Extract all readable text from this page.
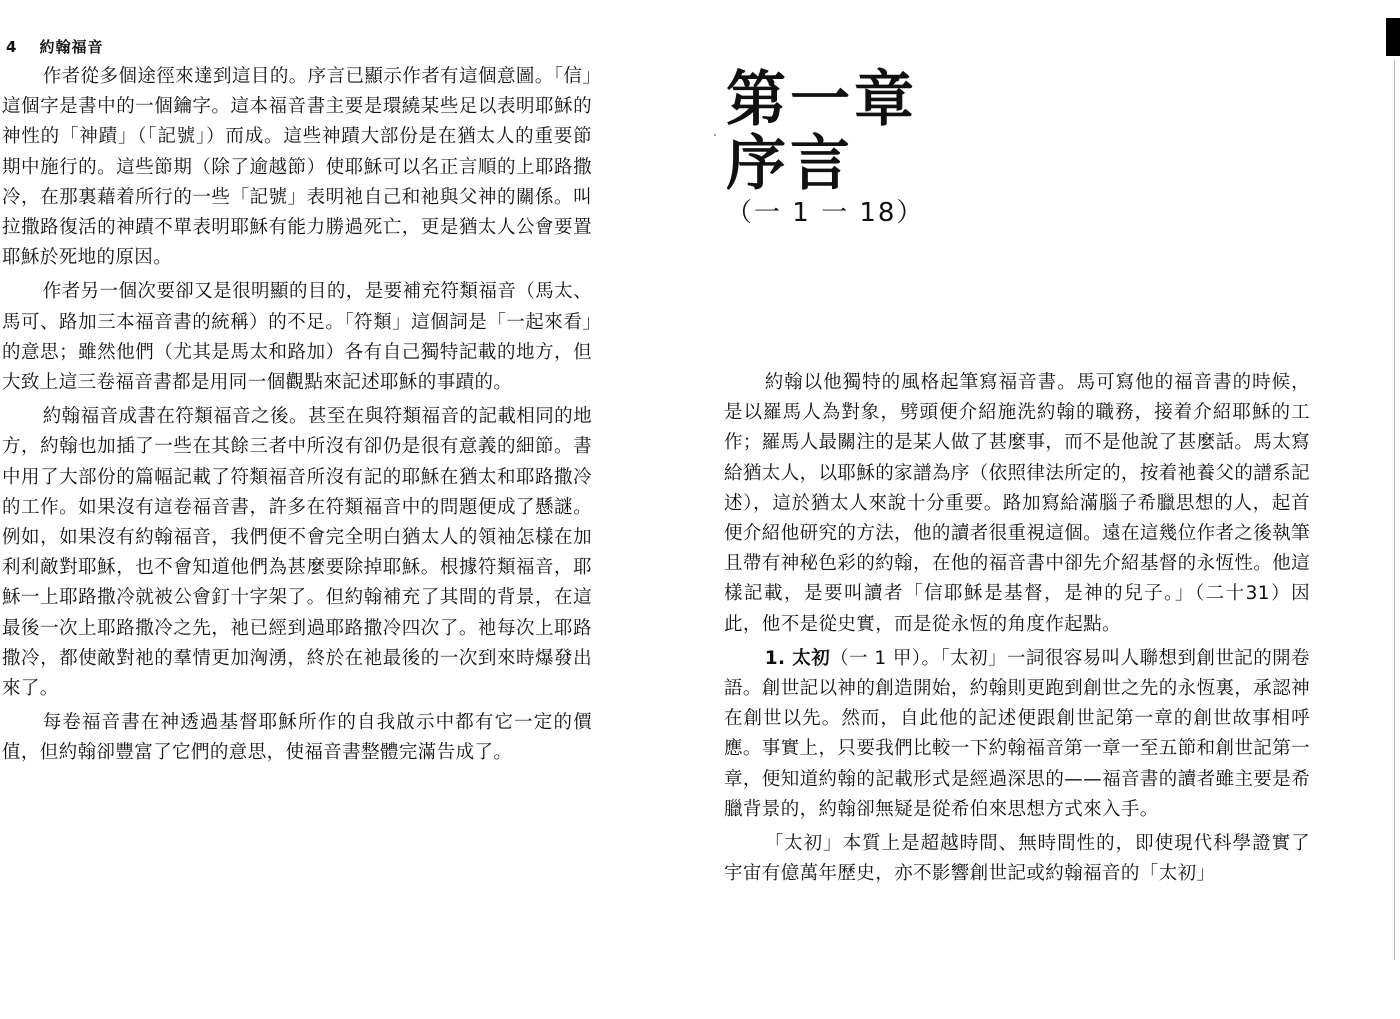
4 約翰福音

作者從多個途徑來達到這目的。序言已顯示作者有這個意圖。「信」這個字是書中的一個鑰字。這本福音書主要是環繞某些足以表明耶穌的神性的「神蹟」（「記號」）而成。這些神蹟大部份是在猶太人的重要節期中施行的。這些節期（除了逾越節）使耶穌可以名正言順的上耶路撒冷，在那裏藉着所行的一些「記號」表明祂自己和祂與父神的關係。叫拉撒路復活的神蹟不單表明耶穌有能力勝過死亡，更是猶太人公會要置耶穌於死地的原因。

作者另一個次要卻又是很明顯的目的，是要補充符類福音（馬太、馬可、路加三本福音書的統稱）的不足。「符類」這個詞是「一起來看」的意思；雖然他們（尤其是馬太和路加）各有自己獨特記載的地方，但大致上這三卷福音書都是用同一個觀點來記述耶穌的事蹟的。

約翰福音成書在符類福音之後。甚至在與符類福音的記載相同的地方，約翰也加插了一些在其餘三者中所沒有卻仍是很有意義的細節。書中用了大部份的篇幅記載了符類福音所沒有記的耶穌在猶太和耶路撒冷的工作。如果沒有這卷福音書，許多在符類福音中的問題便成了懸謎。例如，如果沒有約翰福音，我們便不會完全明白猶太人的領袖怎樣在加利利敵對耶穌，也不會知道他們為甚麼要除掉耶穌。根據符類福音，耶穌一上耶路撒冷就被公會釘十字架了。但約翰補充了其間的背景，在這最後一次上耶路撒冷之先，祂已經到過耶路撒冷四次了。祂每次上耶路撒冷，都使敵對祂的羣情更加洶湧，終於在祂最後的一次到來時爆發出來了。

每卷福音書在神透過基督耶穌所作的自我啟示中都有它一定的價值，但約翰卻豐富了它們的意思，使福音書整體完滿告成了。

第一章
序言
（一 1 一 18）

約翰以他獨特的風格起筆寫福音書。馬可寫他的福音書的時候，是以羅馬人為對象，劈頭便介紹施洗約翰的職務，接着介紹耶穌的工作；羅馬人最關注的是某人做了甚麼事，而不是他說了甚麼話。馬太寫給猶太人，以耶穌的家譜為序（依照律法所定的，按着祂養父的譜系記述），這於猶太人來說十分重要。路加寫給滿腦子希臘思想的人，起首便介紹他研究的方法，他的讀者很重視這個。遠在這幾位作者之後執筆且帶有神秘色彩的約翰，在他的福音書中卻先介紹基督的永恆性。他這樣記載，是要叫讀者「信耶穌是基督，是神的兒子。」（二十31）因此，他不是從史實，而是從永恆的角度作起點。

1. 太初（一 1 甲）。「太初」一詞很容易叫人聯想到創世記的開卷語。創世記以神的創造開始，約翰則更跑到創世之先的永恆裏，承認神在創世以先。然而，自此他的記述便跟創世記第一章的創世故事相呼應。事實上，只要我們比較一下約翰福音第一章一至五節和創世記第一章，便知道約翰的記載形式是經過深思的——福音書的讀者雖主要是希臘背景的，約翰卻無疑是從希伯來思想方式來入手。

「太初」本質上是超越時間、無時間性的，即使現代科學證實了宇宙有億萬年歷史，亦不影響創世記或約翰福音的「太初」
